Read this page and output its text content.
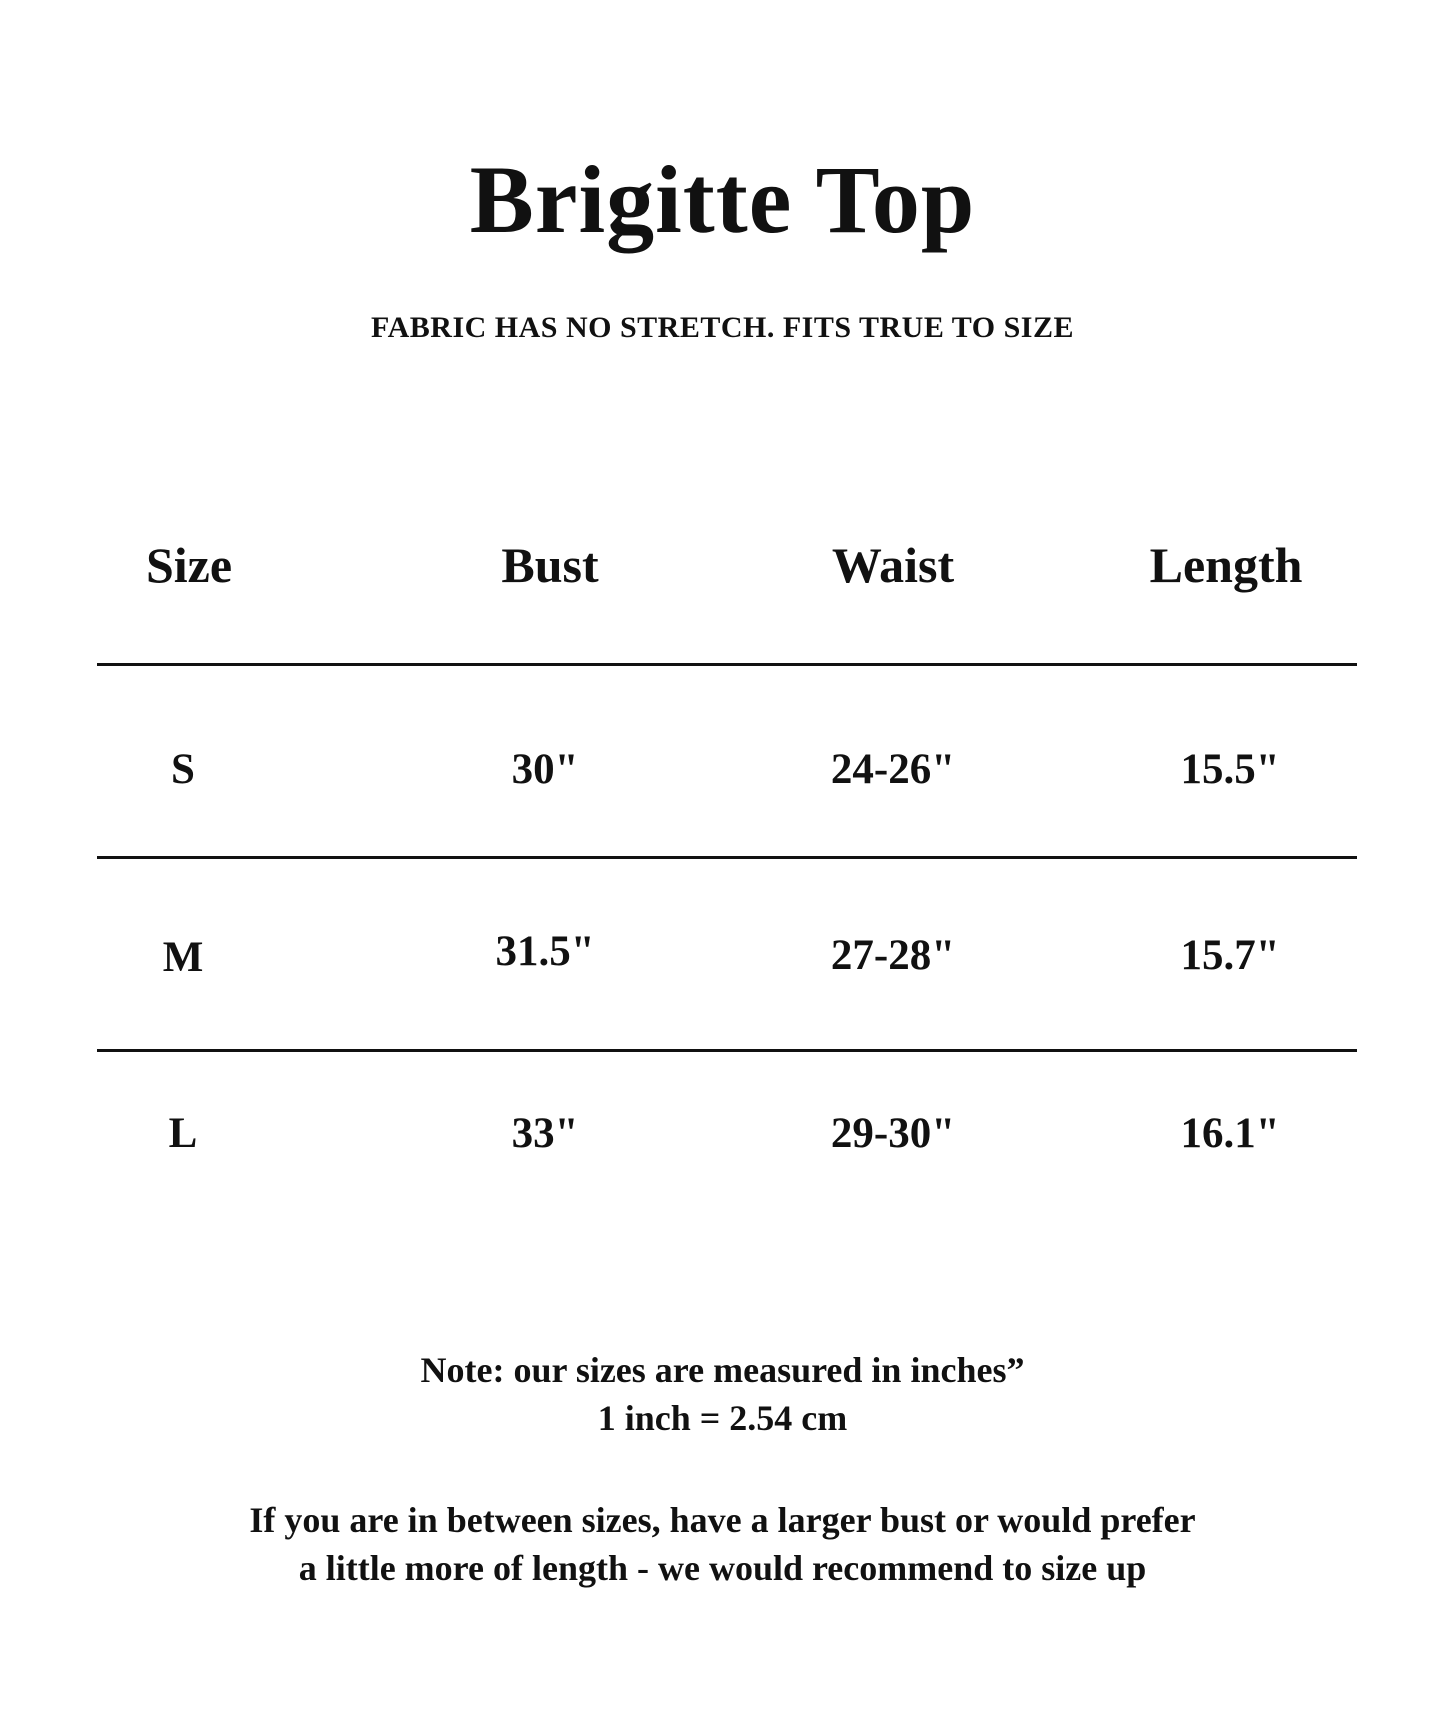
Brigitte Top
FABRIC HAS NO STRETCH. FITS TRUE TO SIZE
Size	Bust	Waist	Length
S	30"	24-26"	15.5"
M	31.5"	27-28"	15.7"
L	33"	29-30"	16.1"
Note: our sizes are measured in inches”
1 inch = 2.54 cm
If you are in between sizes, have a larger bust or would prefer
a little more of length - we would recommend to size up
